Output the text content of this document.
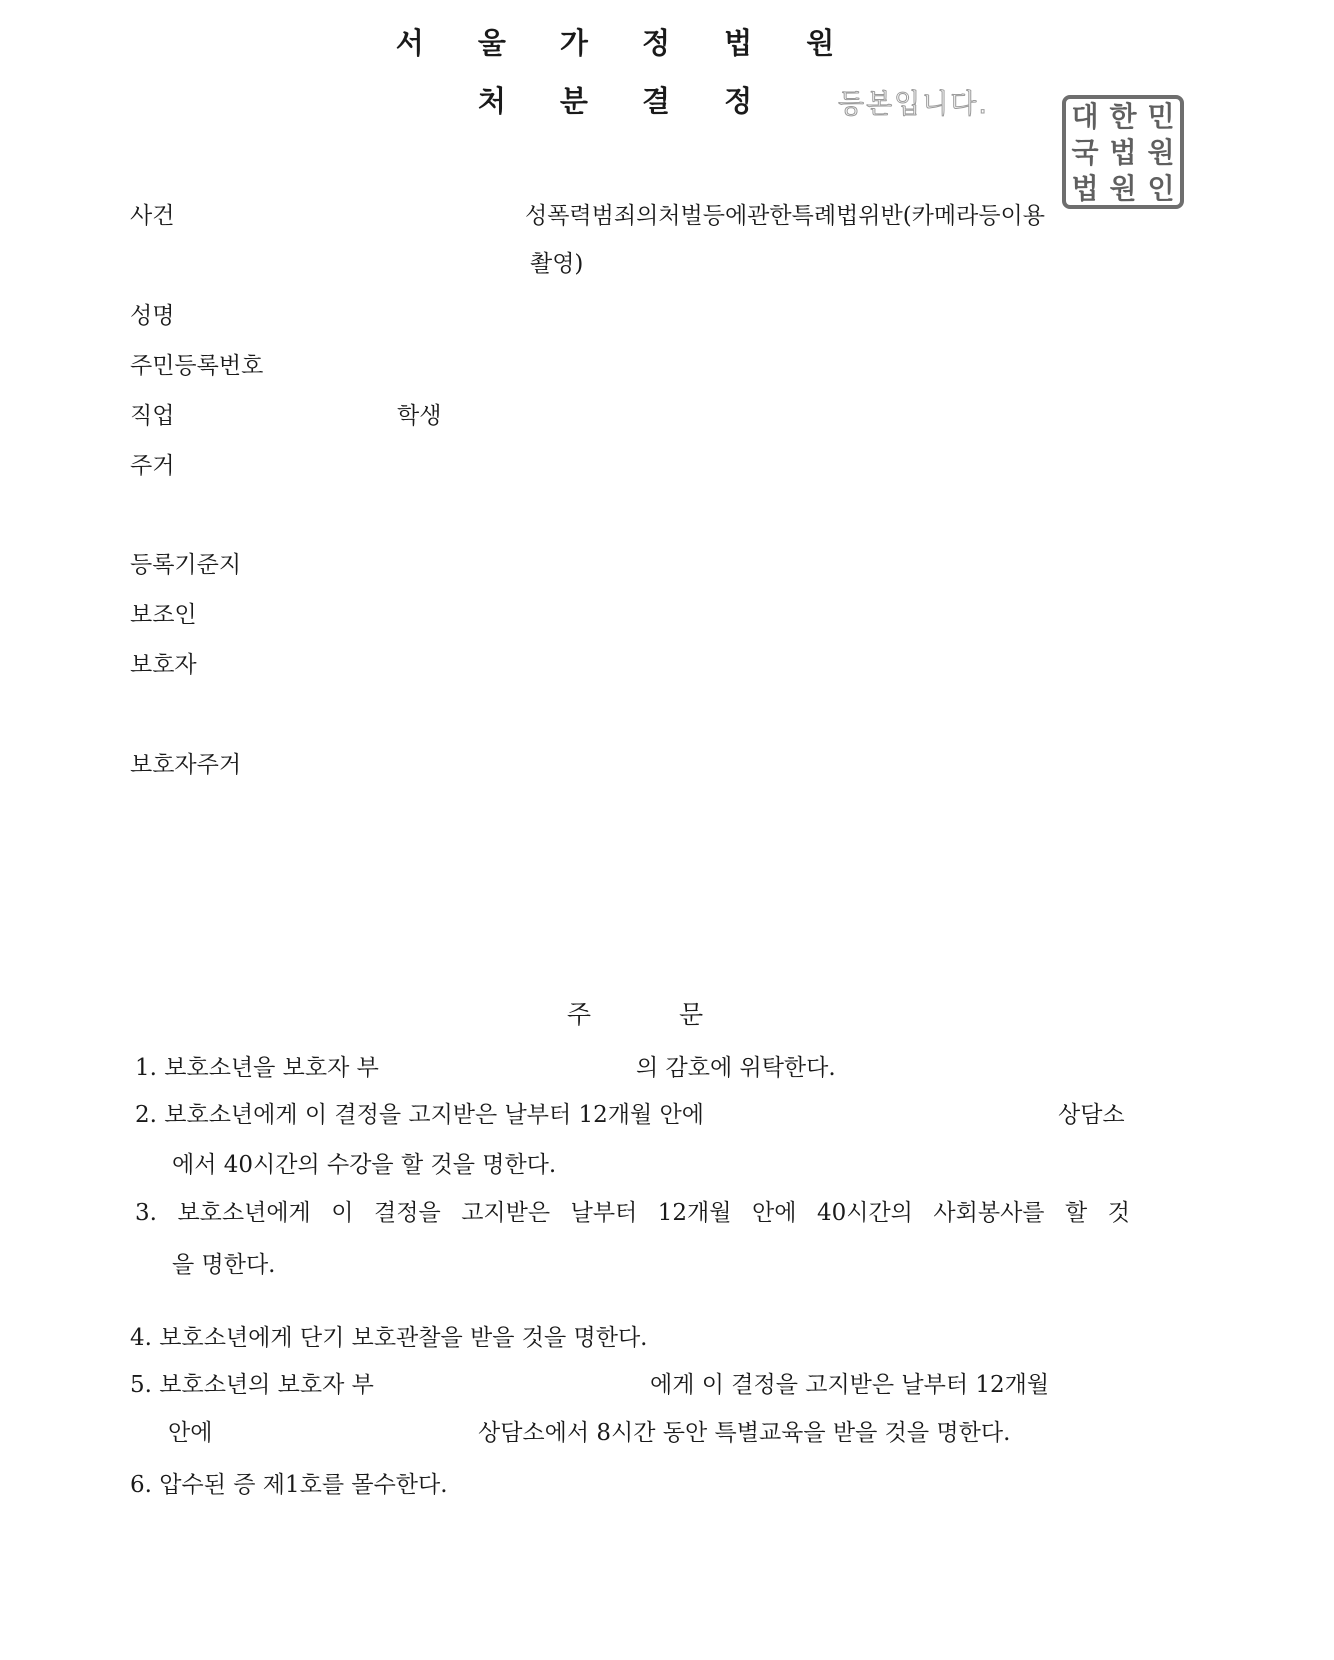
서 울 가 정 법 원
처 분 결 정	등본입니다.	대 한 민
국 법 원
법 원 인
사건	성폭력범죄의처벌등에관한특례법위반(카메라등이용
촬영)
성명
주민등록번호
직업	학생
주거
등록기준지
보조인
보호자
보호자주거
주 문
1. 보호소년을 보호자 부	의 감호에 위탁한다.
2. 보호소년에게 이 결정을 고지받은 날부터 12개월 안에	상담소
에서 40시간의 수강을 할 것을 명한다.
3. 보호소년에게 이 결정을 고지받은 날부터 12개월 안에 40시간의 사회봉사를 할 것
을 명한다.
4. 보호소년에게 단기 보호관찰을 받을 것을 명한다.
5. 보호소년의 보호자 부	에게 이 결정을 고지받은 날부터 12개월
안에	상담소에서 8시간 동안 특별교육을 받을 것을 명한다.
6. 압수된 증 제1호를 몰수한다.
